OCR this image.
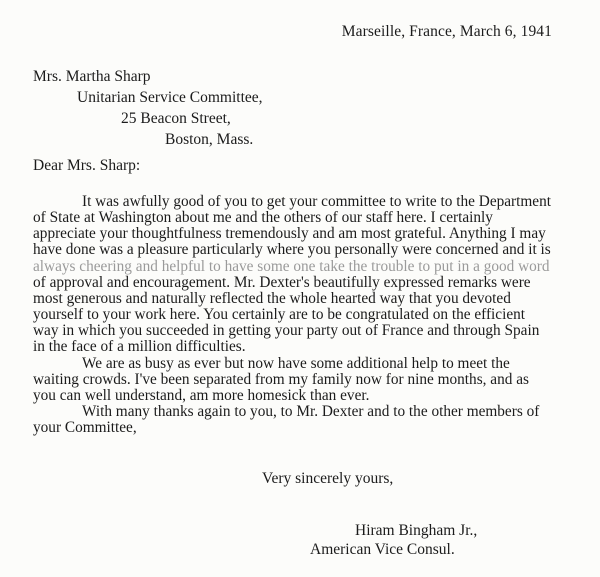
Marseille, France, March 6, 1941
Mrs. Martha Sharp
Unitarian Service Committee,
25 Beacon Street,
Boston, Mass.
Dear Mrs. Sharp:

It was awfully good of you to get your committee to write to the Department
of State at Washington about me and the others of our staff here. I certainly
appreciate your thoughtfulness tremendously and am most grateful. Anything I may
have done was a pleasure particularly where you personally were concerned and it is
always cheering and helpful to have some one take the trouble to put in a good word
of approval and encouragement. Mr. Dexter's beautifully expressed remarks were
most generous and naturally reflected the whole hearted way that you devoted
yourself to your work here. You certainly are to be congratulated on the efficient
way in which you succeeded in getting your party out of France and through Spain
in the face of a million difficulties.

We are as busy as ever but now have some additional help to meet the
waiting crowds. I've been separated from my family now for nine months, and as
you can well understand, am more homesick than ever.

With many thanks again to you, to Mr. Dexter and to the other members of
your Committee,

Very sincerely yours,
Hiram Bingham Jr.,
American Vice Consul.
